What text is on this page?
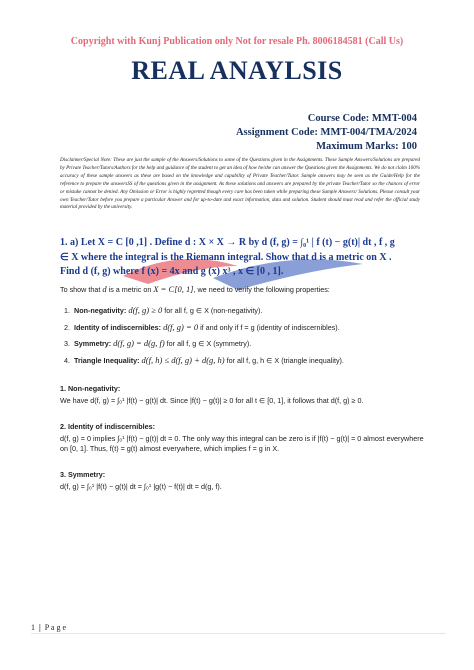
Copyright with Kunj Publication only Not for resale Ph. 8006184581 (Call Us)
REAL ANAYLSIS
Course Code: MMT-004
Assignment Code: MMT-004/TMA/2024
Maximum Marks: 100
Disclaimer/Special Note: These are just the sample of the Answers/Solutions to some of the Questions given in the Assignments. These Sample Answers/Solutions are prepared by Private Teacher/Tutors/Authors for the help and guidance of the student to get an idea of how he/she can answer the Questions given the Assignments. We do not claim 100% accuracy of these sample answers as these are based on the knowledge and capability of Private Teacher/Tutor. Sample answers may be seen as the Guide/Help for the reference to prepare the answersSS of the questions given in the assignment. As these solutions and answers are prepared by the private Teacher/Tutor so the chances of error or mistake cannot be denied. Any Omission or Error is highly regretted though every care has been taken while preparing these Sample Answers/ Solutions. Please consult your own Teacher/Tutor before you prepare a particular Answer and for up-to-date and exact information, data and solution. Student should must read and refer the official study material provided by the university.
1. a) Let X = C [0 ,1] . Define d : X × X → R by d (f, g) = ∫₀¹ | f (t) − g(t)| dt , f , g
∈ X where the integral is the Riemann integral. Show that d is a metric on X .
Find d (f, g) where f (x) = 4x and g (x) x³ , x ∈ [0 , 1].

To show that d is a metric on X = C[0, 1], we need to verify the following properties:

1. Non-negativity: d(f, g) ≥ 0 for all f, g ∈ X (non-negativity).
2. Identity of indiscernibles: d(f, g) = 0 if and only if f = g (identity of indiscernibles).
3. Symmetry: d(f, g) = d(g, f) for all f, g ∈ X (symmetry).
4. Triangle Inequality: d(f, h) ≤ d(f, g) + d(g, h) for all f, g, h ∈ X (triangle inequality).
1. Non-negativity:

We have d(f, g) = ∫₀¹ |f(t) − g(t)| dt. Since |f(t) − g(t)| ≥ 0 for all t ∈ [0, 1], it follows that d(f, g) ≥ 0.

2. Identity of indiscernibles:

d(f, g) = 0 implies ∫₀¹ |f(t) − g(t)| dt = 0. The only way this integral can be zero is if |f(t) − g(t)| = 0 almost everywhere on [0, 1]. Thus, f(t) = g(t) almost everywhere, which implies f = g in X.

3. Symmetry:

d(f, g) = ∫₀¹ |f(t) − g(t)| dt = ∫₀¹ |g(t) − f(t)| dt = d(g, f).

1 | P a g e
